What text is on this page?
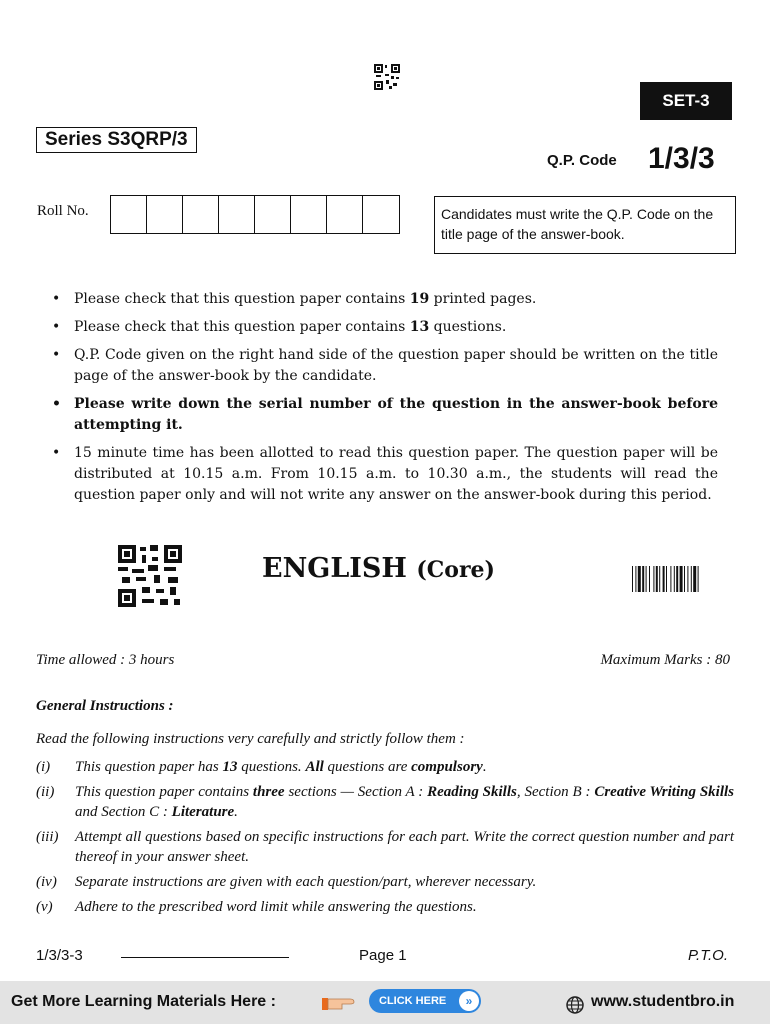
SET-3
Series S3QRP/3
Q.P. Code 1/3/3
Roll No.	Candidates must write the Q.P. Code on the title page of the answer-book.
• Please check that this question paper contains 19 printed pages.
• Please check that this question paper contains 13 questions.
• Q.P. Code given on the right hand side of the question paper should be written on the title page of the answer-book by the candidate.
• Please write down the serial number of the question in the answer-book before attempting it.
• 15 minute time has been allotted to read this question paper. The question paper will be distributed at 10.15 a.m. From 10.15 a.m. to 10.30 a.m., the students will read the question paper only and will not write any answer on the answer-book during this period.
ENGLISH (Core)
Time allowed : 3 hours	Maximum Marks : 80
General Instructions :
Read the following instructions very carefully and strictly follow them :
(i)	This question paper has 13 questions. All questions are compulsory.
(ii)	This question paper contains three sections — Section A : Reading Skills, Section B : Creative Writing Skills and Section C : Literature.
(iii)	Attempt all questions based on specific instructions for each part. Write the correct question number and part thereof in your answer sheet.
(iv)	Separate instructions are given with each question/part, wherever necessary.
(v)	Adhere to the prescribed word limit while answering the questions.
1/3/3-3	Page 1	P.T.O.
Get More Learning Materials Here :	CLICK HERE	»	www.studentbro.in
